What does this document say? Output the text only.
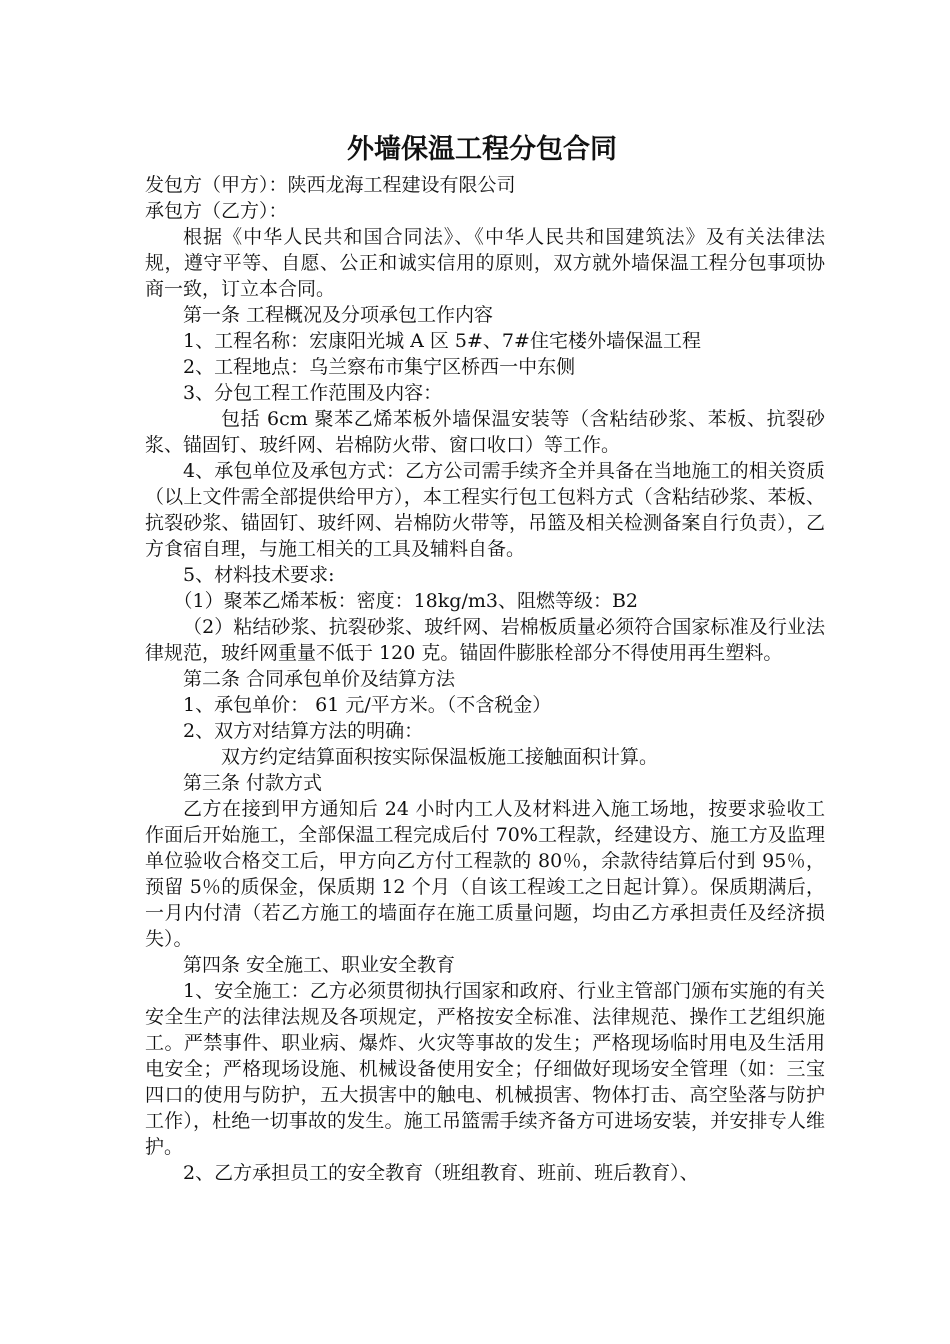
外墙保温工程分包合同

发包方（甲方）：陕西龙海工程建设有限公司

承包方（乙方）：

根据《中华人民共和国合同法》、《中华人民共和国建筑法》及有关法律法规，遵守平等、自愿、公正和诚实信用的原则，双方就外墙保温工程分包事项协商一致，订立本合同。

第一条 工程概况及分项承包工作内容

1、工程名称：宏康阳光城 A 区 5#、7#住宅楼外墙保温工程

2、工程地点：乌兰察布市集宁区桥西一中东侧

3、分包工程工作范围及内容：

包括 6cm 聚苯乙烯苯板外墙保温安装等（含粘结砂浆、苯板、抗裂砂浆、锚固钉、玻纤网、岩棉防火带、窗口收口）等工作。

4、承包单位及承包方式：乙方公司需手续齐全并具备在当地施工的相关资质（以上文件需全部提供给甲方），本工程实行包工包料方式（含粘结砂浆、苯板、抗裂砂浆、锚固钉、玻纤网、岩棉防火带等，吊篮及相关检测备案自行负责），乙方食宿自理，与施工相关的工具及辅料自备。

5、材料技术要求:

（1）聚苯乙烯苯板：密度：18kg/m3、阻燃等级：B2

（2）粘结砂浆、抗裂砂浆、玻纤网、岩棉板质量必须符合国家标准及行业法律规范，玻纤网重量不低于 120 克。锚固件膨胀栓部分不得使用再生塑料。

第二条 合同承包单价及结算方法

1、承包单价： 61 元/平方米。（不含税金）

2、双方对结算方法的明确：

双方约定结算面积按实际保温板施工接触面积计算。

第三条 付款方式

乙方在接到甲方通知后 24 小时内工人及材料进入施工场地，按要求验收工作面后开始施工，全部保温工程完成后付 70%工程款，经建设方、施工方及监理单位验收合格交工后，甲方向乙方付工程款的 80％，余款待结算后付到 95％，预留 5％的质保金，保质期 12 个月（自该工程竣工之日起计算）。保质期满后，一月内付清（若乙方施工的墙面存在施工质量问题，均由乙方承担责任及经济损失）。

第四条 安全施工、职业安全教育

1、安全施工：乙方必须贯彻执行国家和政府、行业主管部门颁布实施的有关安全生产的法律法规及各项规定，严格按安全标准、法律规范、操作工艺组织施工。严禁事件、职业病、爆炸、火灾等事故的发生；严格现场临时用电及生活用电安全；严格现场设施、机械设备使用安全；仔细做好现场安全管理（如：三宝四口的使用与防护，五大损害中的触电、机械损害、物体打击、高空坠落与防护工作），杜绝一切事故的发生。施工吊篮需手续齐备方可进场安装，并安排专人维护。

2、乙方承担员工的安全教育（班组教育、班前、班后教育）、
